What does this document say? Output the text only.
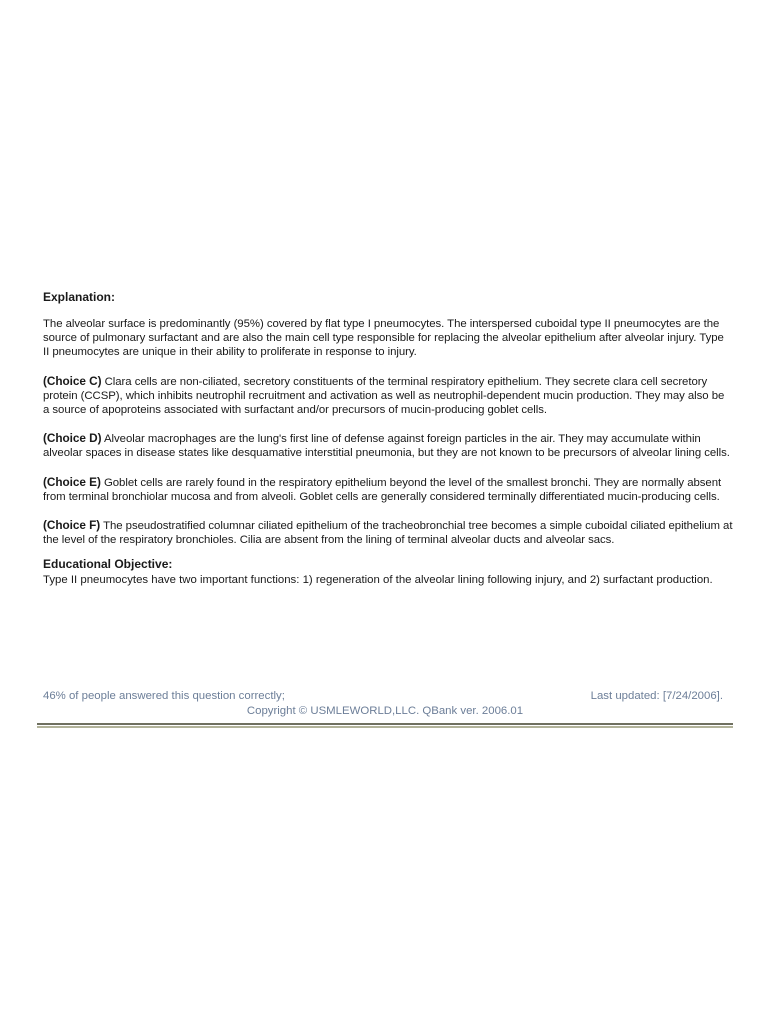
Explanation:

The alveolar surface is predominantly (95%) covered by flat type I pneumocytes. The interspersed cuboidal type II pneumocytes are the source of pulmonary surfactant and are also the main cell type responsible for replacing the alveolar epithelium after alveolar injury. Type II pneumocytes are unique in their ability to proliferate in response to injury.

(Choice C) Clara cells are non-ciliated, secretory constituents of the terminal respiratory epithelium. They secrete clara cell secretory protein (CCSP), which inhibits neutrophil recruitment and activation as well as neutrophil-dependent mucin production. They may also be a source of apoproteins associated with surfactant and/or precursors of mucin-producing goblet cells.

(Choice D) Alveolar macrophages are the lung's first line of defense against foreign particles in the air. They may accumulate within alveolar spaces in disease states like desquamative interstitial pneumonia, but they are not known to be precursors of alveolar lining cells.

(Choice E) Goblet cells are rarely found in the respiratory epithelium beyond the level of the smallest bronchi. They are normally absent from terminal bronchiolar mucosa and from alveoli. Goblet cells are generally considered terminally differentiated mucin-producing cells.

(Choice F) The pseudostratified columnar ciliated epithelium of the tracheobronchial tree becomes a simple cuboidal ciliated epithelium at the level of the respiratory bronchioles. Cilia are absent from the lining of terminal alveolar ducts and alveolar sacs.

Educational Objective:

Type II pneumocytes have two important functions: 1) regeneration of the alveolar lining following injury, and 2) surfactant production.

46% of people answered this question correctly;	Last updated: [7/24/2006].
Copyright © USMLEWORLD,LLC. QBank ver. 2006.01
